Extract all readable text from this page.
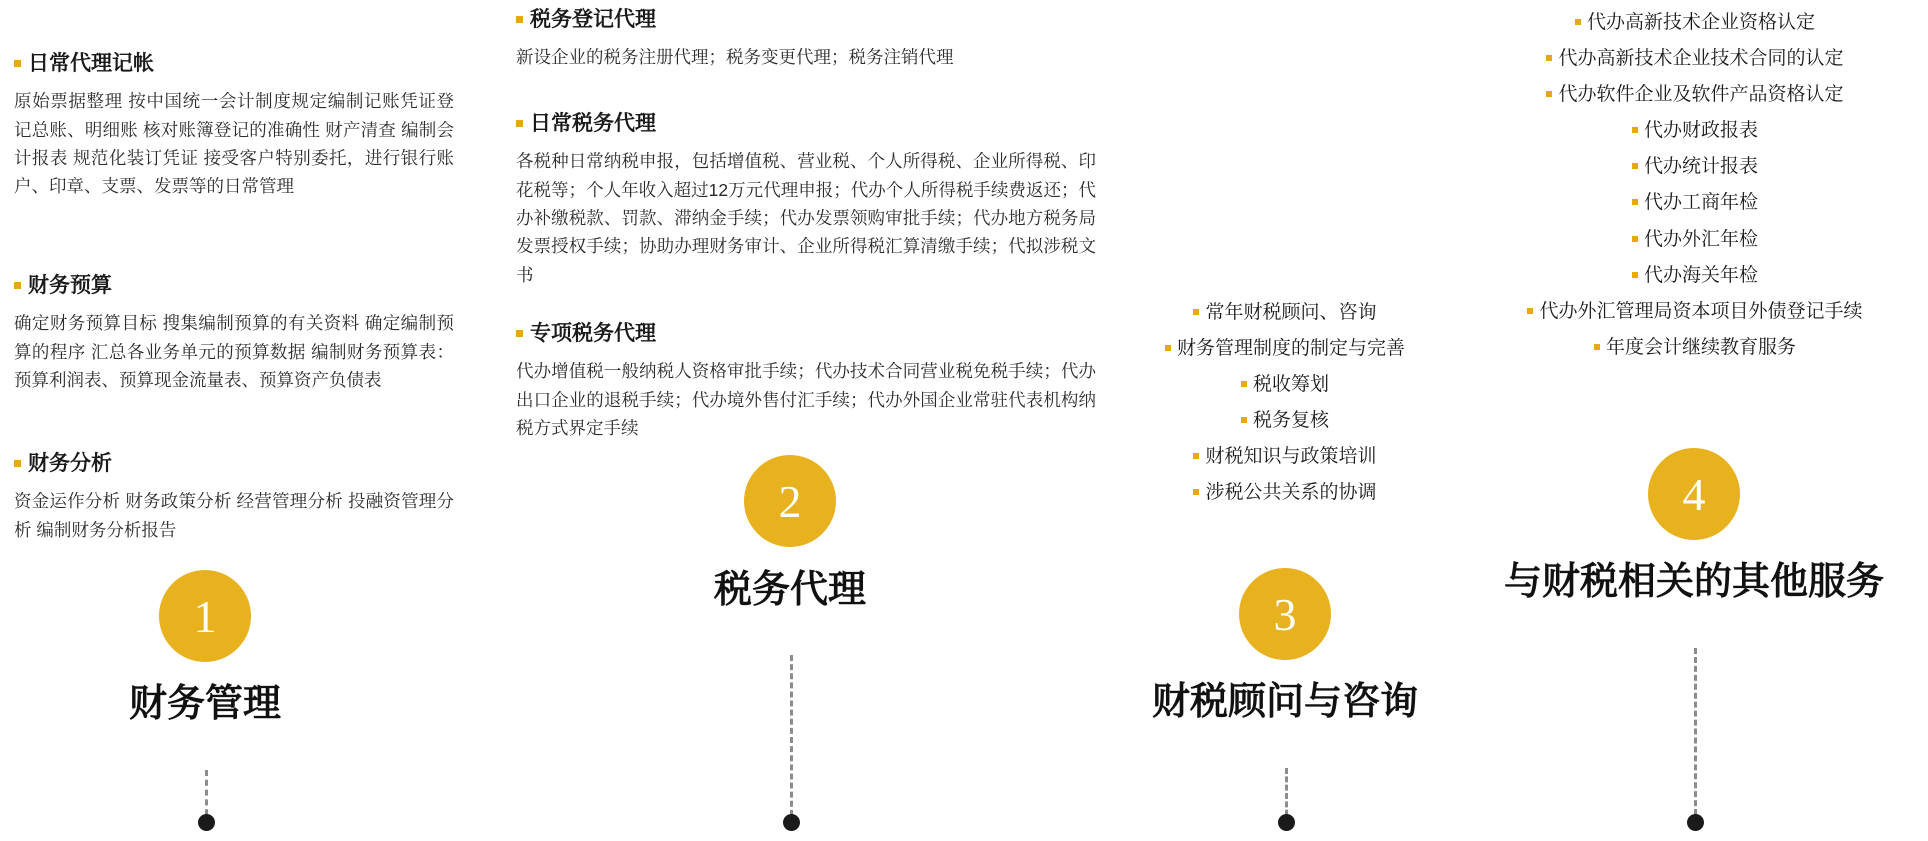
日常代理记帐

原始票据整理 按中国统一会计制度规定编制记账凭证登记总账、明细账 核对账簿登记的准确性 财产清查 编制会计报表 规范化装订凭证 接受客户特别委托，进行银行账户、印章、支票、发票等的日常管理

财务预算

确定财务预算目标 搜集编制预算的有关资料 确定编制预算的程序 汇总各业务单元的预算数据 编制财务预算表：预算利润表、预算现金流量表、预算资产负债表

财务分析

资金运作分析 财务政策分析 经营管理分析 投融资管理分析 编制财务分析报告

1
财务管理
税务登记代理

新设企业的税务注册代理；税务变更代理；税务注销代理

日常税务代理

各税种日常纳税申报，包括增值税、营业税、个人所得税、企业所得税、印花税等；个人年收入超过12万元代理申报；代办个人所得税手续费返还；代办补缴税款、罚款、滞纳金手续；代办发票领购审批手续；代办地方税务局发票授权手续；协助办理财务审计、企业所得税汇算清缴手续；代拟涉税文书

专项税务代理

代办增值税一般纳税人资格审批手续；代办技术合同营业税免税手续；代办出口企业的退税手续；代办境外售付汇手续；代办外国企业常驻代表机构纳税方式界定手续

2
税务代理
常年财税顾问、咨询
财务管理制度的制定与完善
税收筹划
税务复核
财税知识与政策培训
涉税公共关系的协调
3
财税顾问与咨询
代办高新技术企业资格认定
代办高新技术企业技术合同的认定
代办软件企业及软件产品资格认定
代办财政报表
代办统计报表
代办工商年检
代办外汇年检
代办海关年检
代办外汇管理局资本项目外债登记手续
年度会计继续教育服务
4
与财税相关的其他服务
